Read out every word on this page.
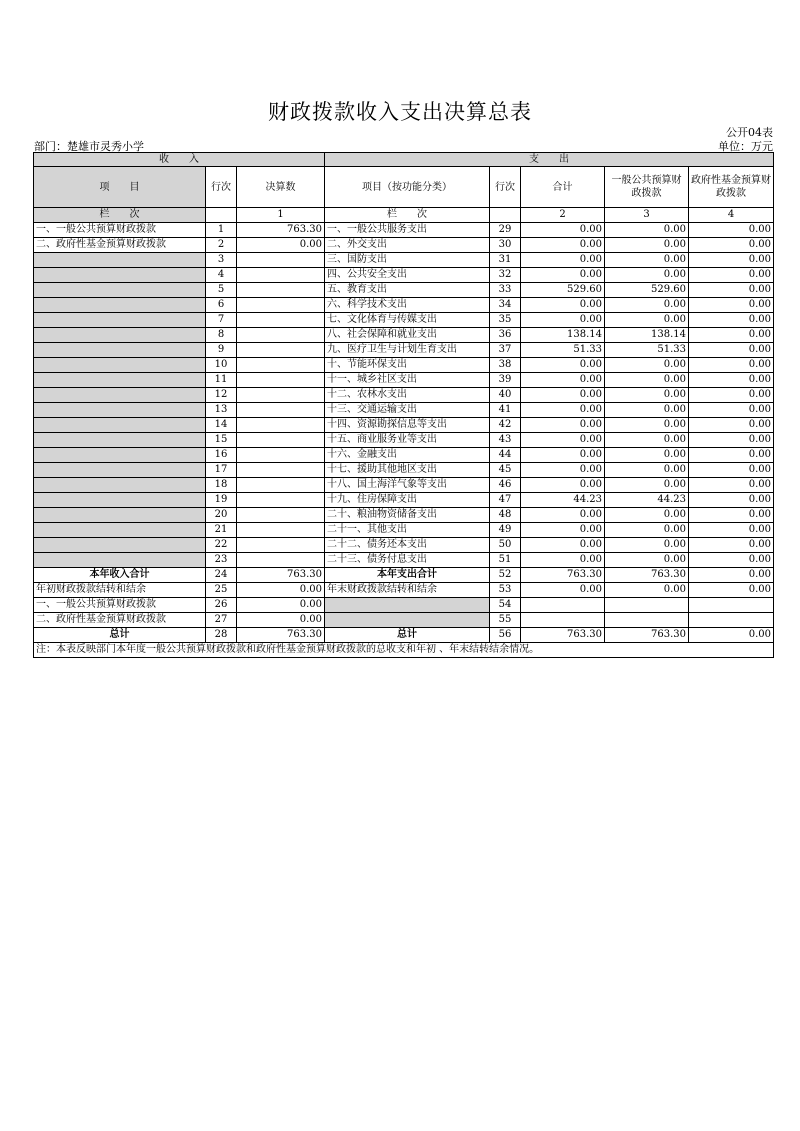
财政拨款收入支出决算总表
公开04表
部门：楚雄市灵秀小学	单位：万元
收　　入			支　　出				
项　　目	行次	决算数	项目（按功能分类）	行次	合计	一般公共预算财政拨款	政府性基金预算财政拨款
栏　　次		1	栏　　次		2	3	4
一、一般公共预算财政拨款	1	763.30	一、一般公共服务支出	29	0.00	0.00	0.00
二、政府性基金预算财政拨款	2	0.00	二、外交支出	30	0.00	0.00	0.00
	3		三、国防支出	31	0.00	0.00	0.00
	4		四、公共安全支出	32	0.00	0.00	0.00
	5		五、教育支出	33	529.60	529.60	0.00
	6		六、科学技术支出	34	0.00	0.00	0.00
	7		七、文化体育与传媒支出	35	0.00	0.00	0.00
	8		八、社会保障和就业支出	36	138.14	138.14	0.00
	9		九、医疗卫生与计划生育支出	37	51.33	51.33	0.00
	10		十、节能环保支出	38	0.00	0.00	0.00
	11		十一、城乡社区支出	39	0.00	0.00	0.00
	12		十二、农林水支出	40	0.00	0.00	0.00
	13		十三、交通运输支出	41	0.00	0.00	0.00
	14		十四、资源勘探信息等支出	42	0.00	0.00	0.00
	15		十五、商业服务业等支出	43	0.00	0.00	0.00
	16		十六、金融支出	44	0.00	0.00	0.00
	17		十七、援助其他地区支出	45	0.00	0.00	0.00
	18		十八、国土海洋气象等支出	46	0.00	0.00	0.00
	19		十九、住房保障支出	47	44.23	44.23	0.00
	20		二十、粮油物资储备支出	48	0.00	0.00	0.00
	21		二十一、其他支出	49	0.00	0.00	0.00
	22		二十二、债务还本支出	50	0.00	0.00	0.00
	23		二十三、债务付息支出	51	0.00	0.00	0.00
本年收入合计	24	763.30	本年支出合计	52	763.30	763.30	0.00
年初财政拨款结转和结余	25	0.00	年末财政拨款结转和结余	53	0.00	0.00	0.00
一、一般公共预算财政拨款	26	0.00		54			
二、政府性基金预算财政拨款	27	0.00		55			
总计	28	763.30	总计	56	763.30	763.30	0.00
注：本表反映部门本年度一般公共预算财政拨款和政府性基金预算财政拨款的总收支和年初 、年末结转结余情况。							
